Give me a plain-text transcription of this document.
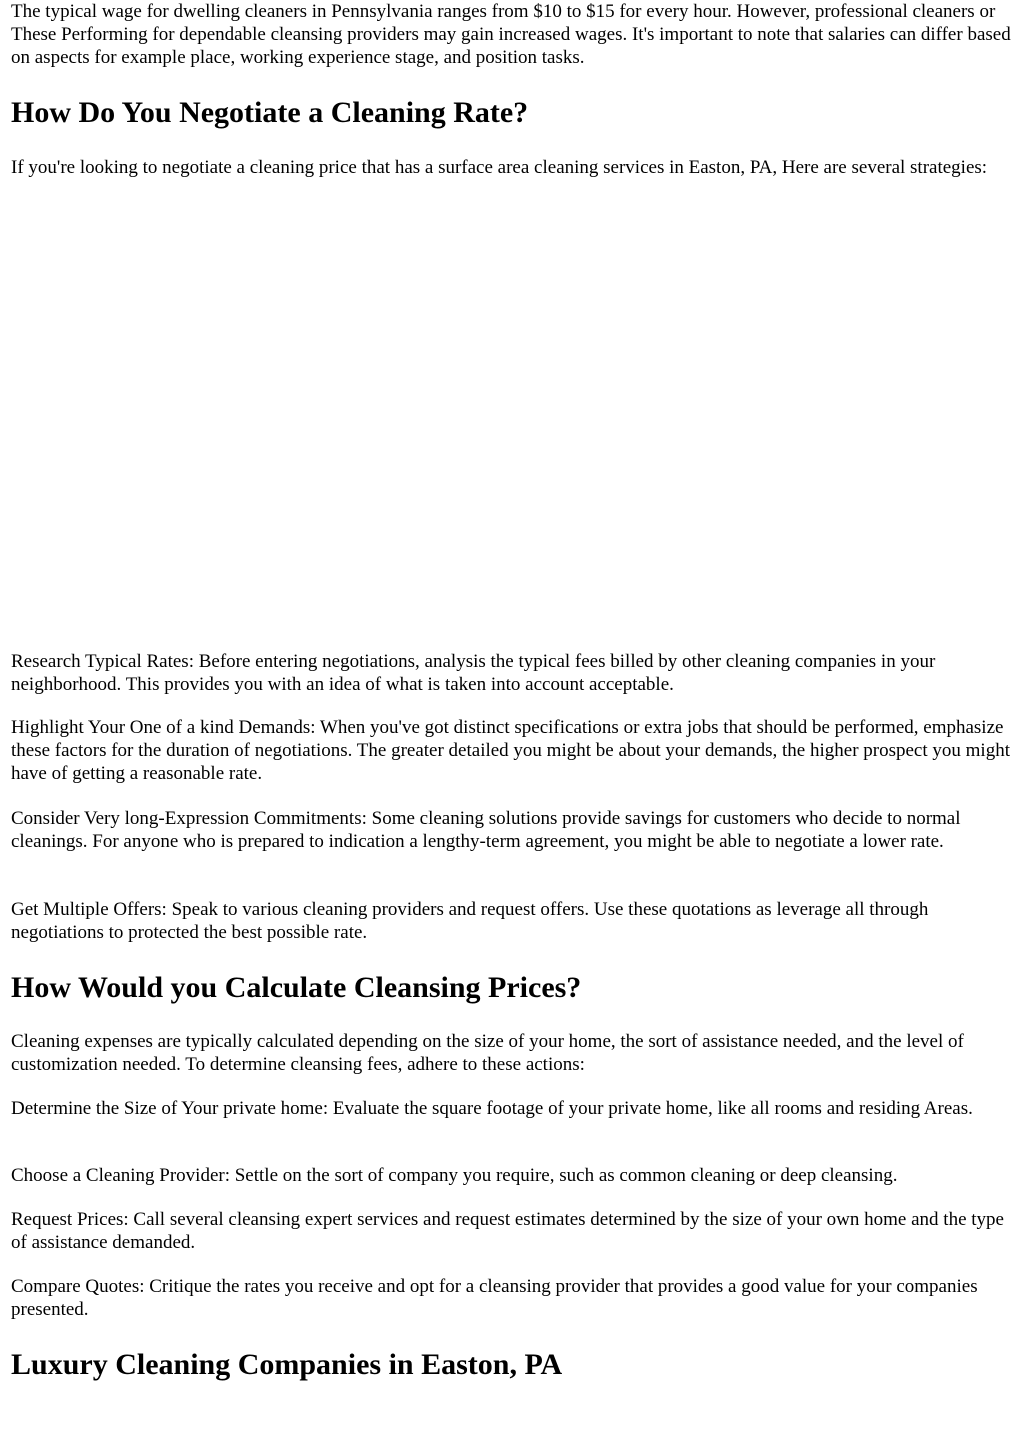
The typical wage for dwelling cleaners in Pennsylvania ranges from $10 to $15 for every hour. However, professional cleaners or These Performing for dependable cleansing providers may gain increased wages. It's important to note that salaries can differ based on aspects for example place, working experience stage, and position tasks.

How Do You Negotiate a Cleaning Rate?

If you're looking to negotiate a cleaning price that has a surface area cleaning services in Easton, PA, Here are several strategies:

Research Typical Rates: Before entering negotiations, analysis the typical fees billed by other cleaning companies in your neighborhood. This provides you with an idea of what is taken into account acceptable.

Highlight Your One of a kind Demands: When you've got distinct specifications or extra jobs that should be performed, emphasize these factors for the duration of negotiations. The greater detailed you might be about your demands, the higher prospect you might have of getting a reasonable rate.

Consider Very long-Expression Commitments: Some cleaning solutions provide savings for customers who decide to normal cleanings. For anyone who is prepared to indication a lengthy-term agreement, you might be able to negotiate a lower rate.

Get Multiple Offers: Speak to various cleaning providers and request offers. Use these quotations as leverage all through negotiations to protected the best possible rate.

How Would you Calculate Cleansing Prices?

Cleaning expenses are typically calculated depending on the size of your home, the sort of assistance needed, and the level of customization needed. To determine cleansing fees, adhere to these actions:

Determine the Size of Your private home: Evaluate the square footage of your private home, like all rooms and residing Areas.

Choose a Cleaning Provider: Settle on the sort of company you require, such as common cleaning or deep cleansing.

Request Prices: Call several cleansing expert services and request estimates determined by the size of your own home and the type of assistance demanded.

Compare Quotes: Critique the rates you receive and opt for a cleansing provider that provides a good value for your companies presented.

Luxury Cleaning Companies in Easton, PA
